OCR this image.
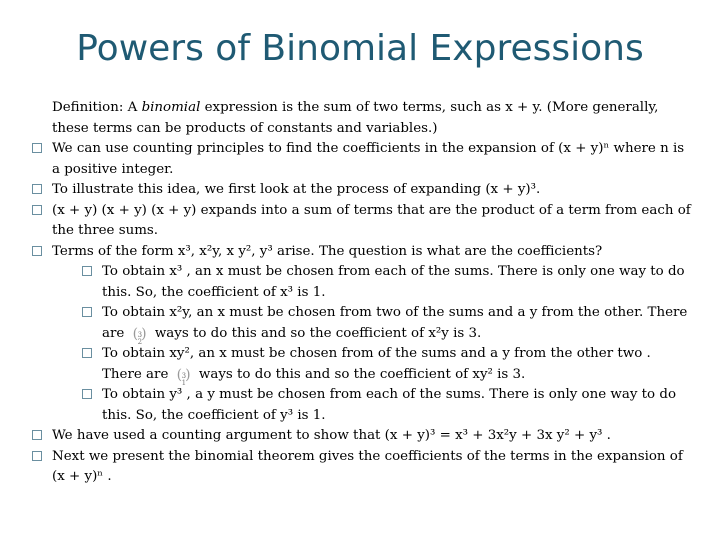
Powers of Binomial Expressions
Definition: A binomial expression is the sum of two terms, such as x + y. (More generally, these terms can be products of constants and variables.)
We can use counting principles to find the coefficients in the expansion of (x + y)ⁿ where n is a positive integer.
To illustrate this idea, we first look at the process of expanding (x + y)³.
(x + y) (x + y) (x + y) expands into a sum of terms that are the product of a term from each of the three sums.
Terms of the form x³, x²y, x y², y³ arise. The question is what are the coefficients?
To obtain x³ , an x must be chosen from each of the sums. There is only one way to do this. So, the coefficient of x³ is 1.
To obtain x²y, an x must be chosen from two of the sums and a y from the other. There are ( 3
2
) ways to do this and so the coefficient of x²y is 3.
To obtain xy², an x must be chosen from of the sums and a y from the other two . There are ( 3
1
) ways to do this and so the coefficient of xy² is 3.
To obtain y³ , a y must be chosen from each of the sums. There is only one way to do this. So, the coefficient of y³ is 1.
We have used a counting argument to show that (x + y)³ = x³ + 3x²y + 3x y² + y³ .
Next we present the binomial theorem gives the coefficients of the terms in the expansion of (x + y)ⁿ .
